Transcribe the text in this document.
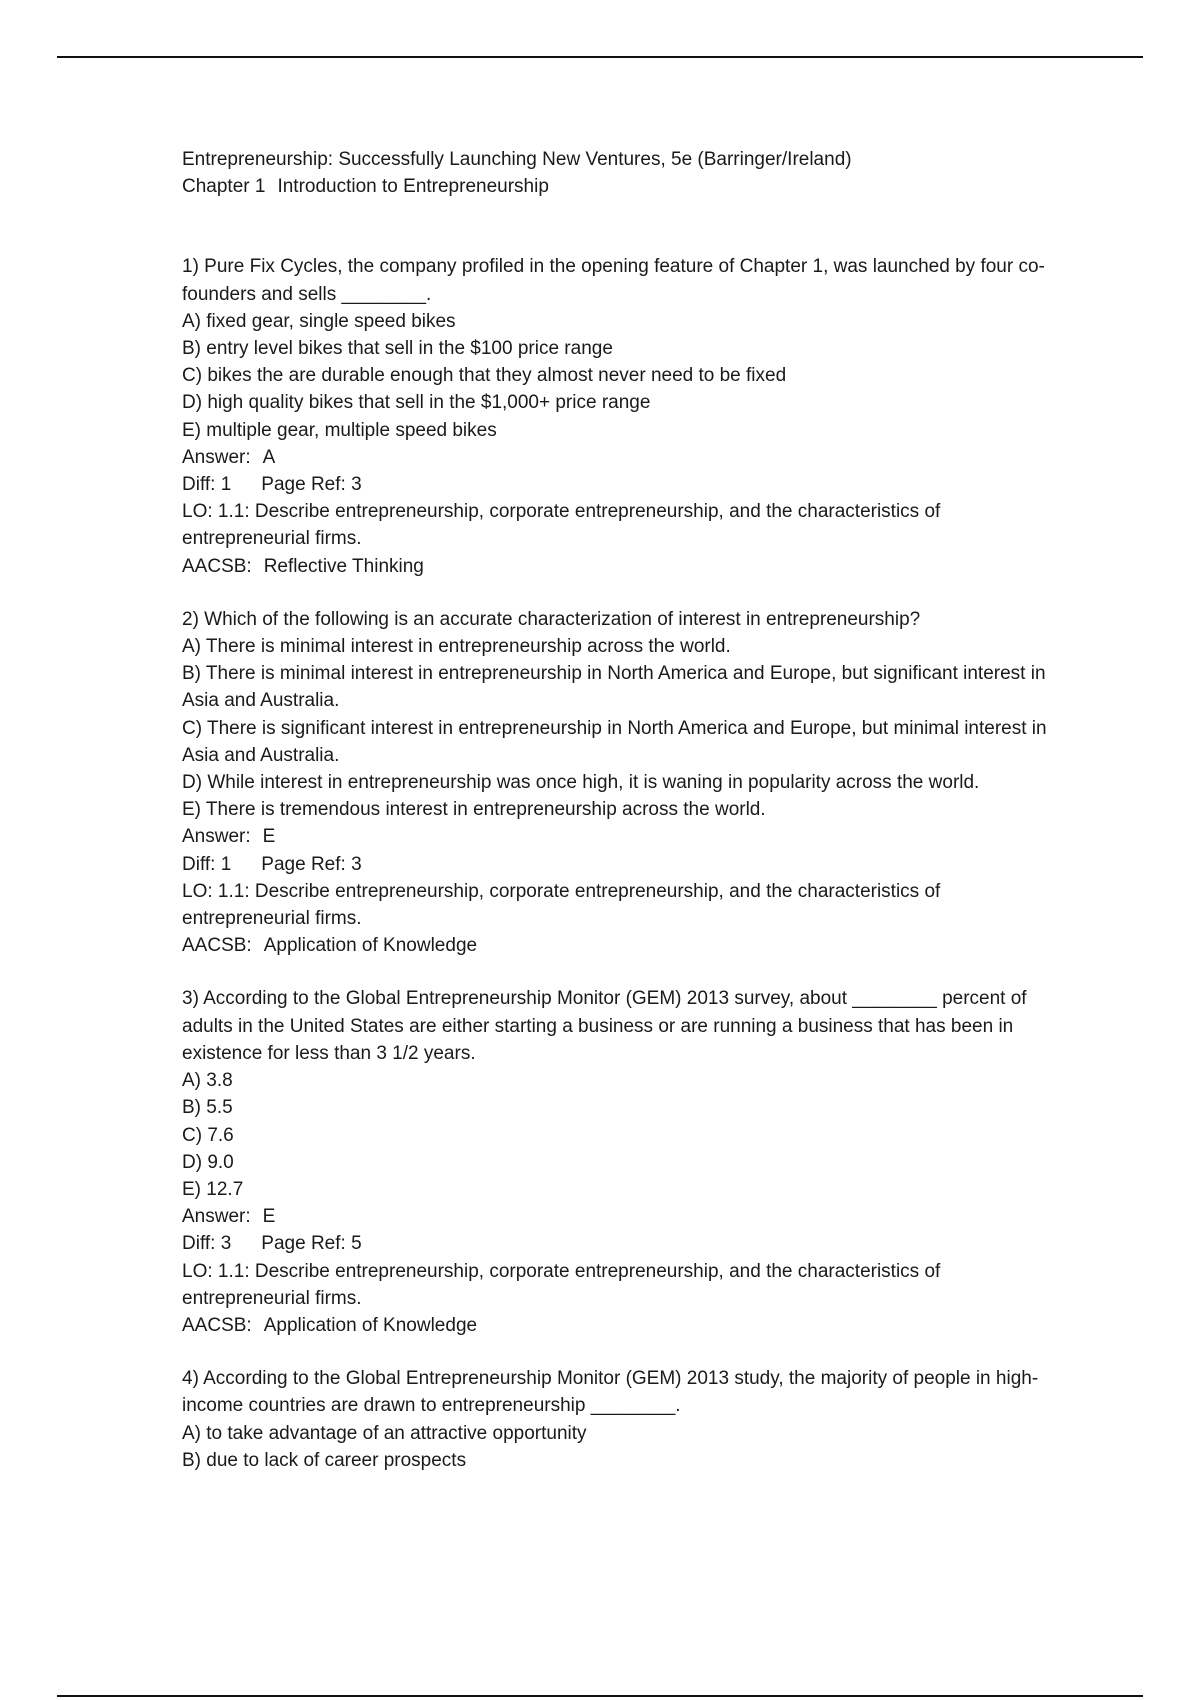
Entrepreneurship: Successfully Launching New Ventures, 5e (Barringer/Ireland)
Chapter 1 Introduction to Entrepreneurship
1) Pure Fix Cycles, the company profiled in the opening feature of Chapter 1, was launched by four co-founders and sells ________.
A) fixed gear, single speed bikes
B) entry level bikes that sell in the $100 price range
C) bikes the are durable enough that they almost never need to be fixed
D) high quality bikes that sell in the $1,000+ price range
E) multiple gear, multiple speed bikes
Answer: A
Diff: 1 Page Ref: 3
LO: 1.1: Describe entrepreneurship, corporate entrepreneurship, and the characteristics of entrepreneurial firms.
AACSB: Reflective Thinking
2) Which of the following is an accurate characterization of interest in entrepreneurship?
A) There is minimal interest in entrepreneurship across the world.
B) There is minimal interest in entrepreneurship in North America and Europe, but significant interest in Asia and Australia.
C) There is significant interest in entrepreneurship in North America and Europe, but minimal interest in Asia and Australia.
D) While interest in entrepreneurship was once high, it is waning in popularity across the world.
E) There is tremendous interest in entrepreneurship across the world.
Answer: E
Diff: 1 Page Ref: 3
LO: 1.1: Describe entrepreneurship, corporate entrepreneurship, and the characteristics of entrepreneurial firms.
AACSB: Application of Knowledge
3) According to the Global Entrepreneurship Monitor (GEM) 2013 survey, about ________ percent of adults in the United States are either starting a business or are running a business that has been in existence for less than 3 1/2 years.
A) 3.8
B) 5.5
C) 7.6
D) 9.0
E) 12.7
Answer: E
Diff: 3 Page Ref: 5
LO: 1.1: Describe entrepreneurship, corporate entrepreneurship, and the characteristics of entrepreneurial firms.
AACSB: Application of Knowledge
4) According to the Global Entrepreneurship Monitor (GEM) 2013 study, the majority of people in high-income countries are drawn to entrepreneurship ________.
A) to take advantage of an attractive opportunity
B) due to lack of career prospects
